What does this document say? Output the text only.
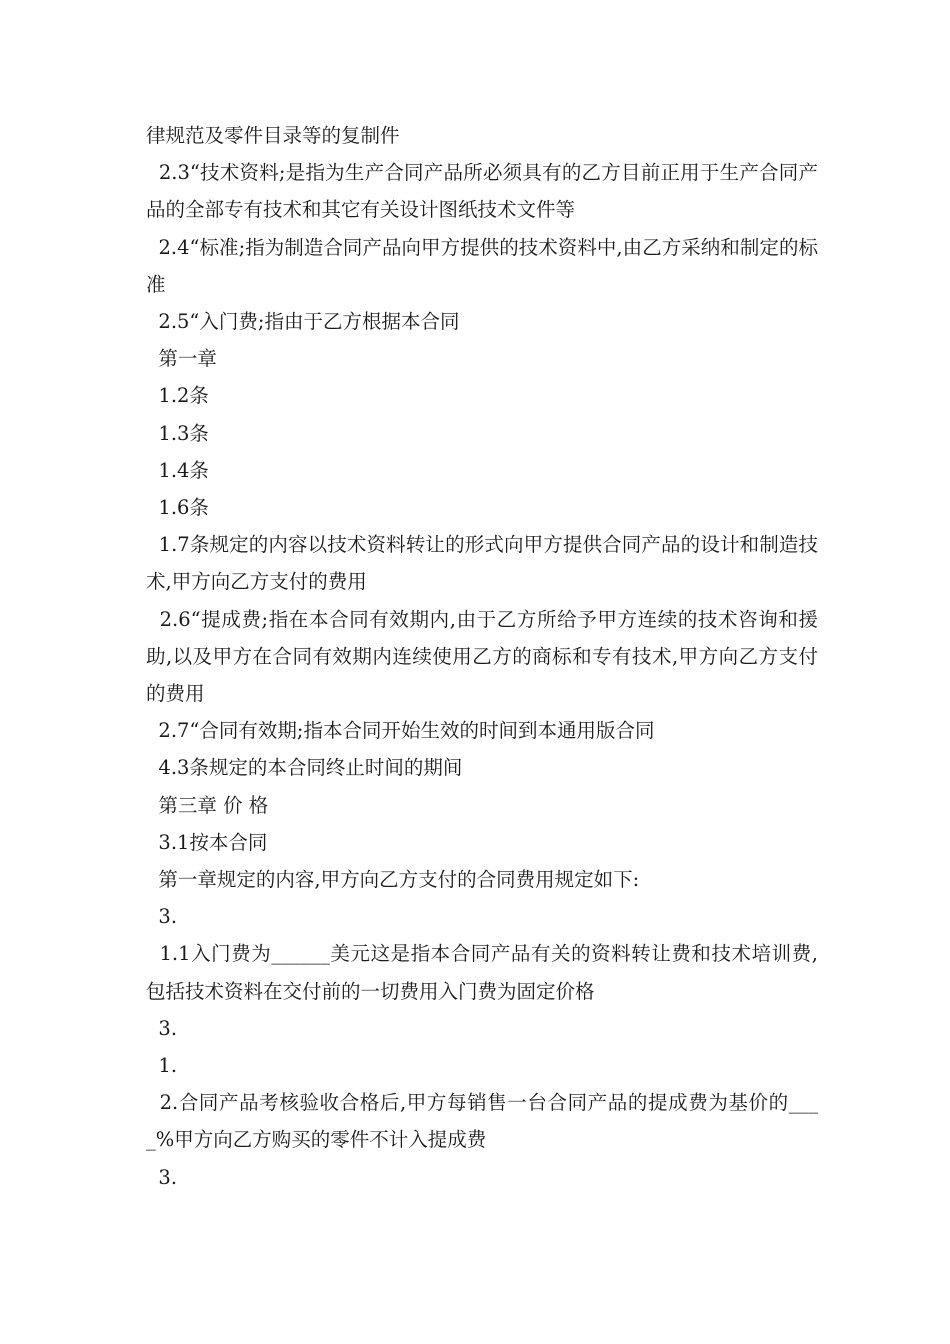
律规范及零件目录等的复制件

2.3“技术资料;是指为生产合同产品所必须具有的乙方目前正用于生产合同产品的全部专有技术和其它有关设计图纸技术文件等

2.4“标准;指为制造合同产品向甲方提供的技术资料中,由乙方采纳和制定的标准

2.5“入门费;指由于乙方根据本合同

第一章

1.2条

1.3条

1.4条

1.6条

1.7条规定的内容以技术资料转让的形式向甲方提供合同产品的设计和制造技术,甲方向乙方支付的费用

2.6“提成费;指在本合同有效期内,由于乙方所给予甲方连续的技术咨询和援助,以及甲方在合同有效期内连续使用乙方的商标和专有技术,甲方向乙方支付的费用

2.7“合同有效期;指本合同开始生效的时间到本通用版合同

4.3条规定的本合同终止时间的期间

第三章 价 格

3.1按本合同

第一章规定的内容,甲方向乙方支付的合同费用规定如下:

3.

1.1入门费为______美元这是指本合同产品有关的资料转让费和技术培训费,包括技术资料在交付前的一切费用入门费为固定价格

3.

1.

2.合同产品考核验收合格后,甲方每销售一台合同产品的提成费为基价的____%甲方向乙方购买的零件不计入提成费

3.
